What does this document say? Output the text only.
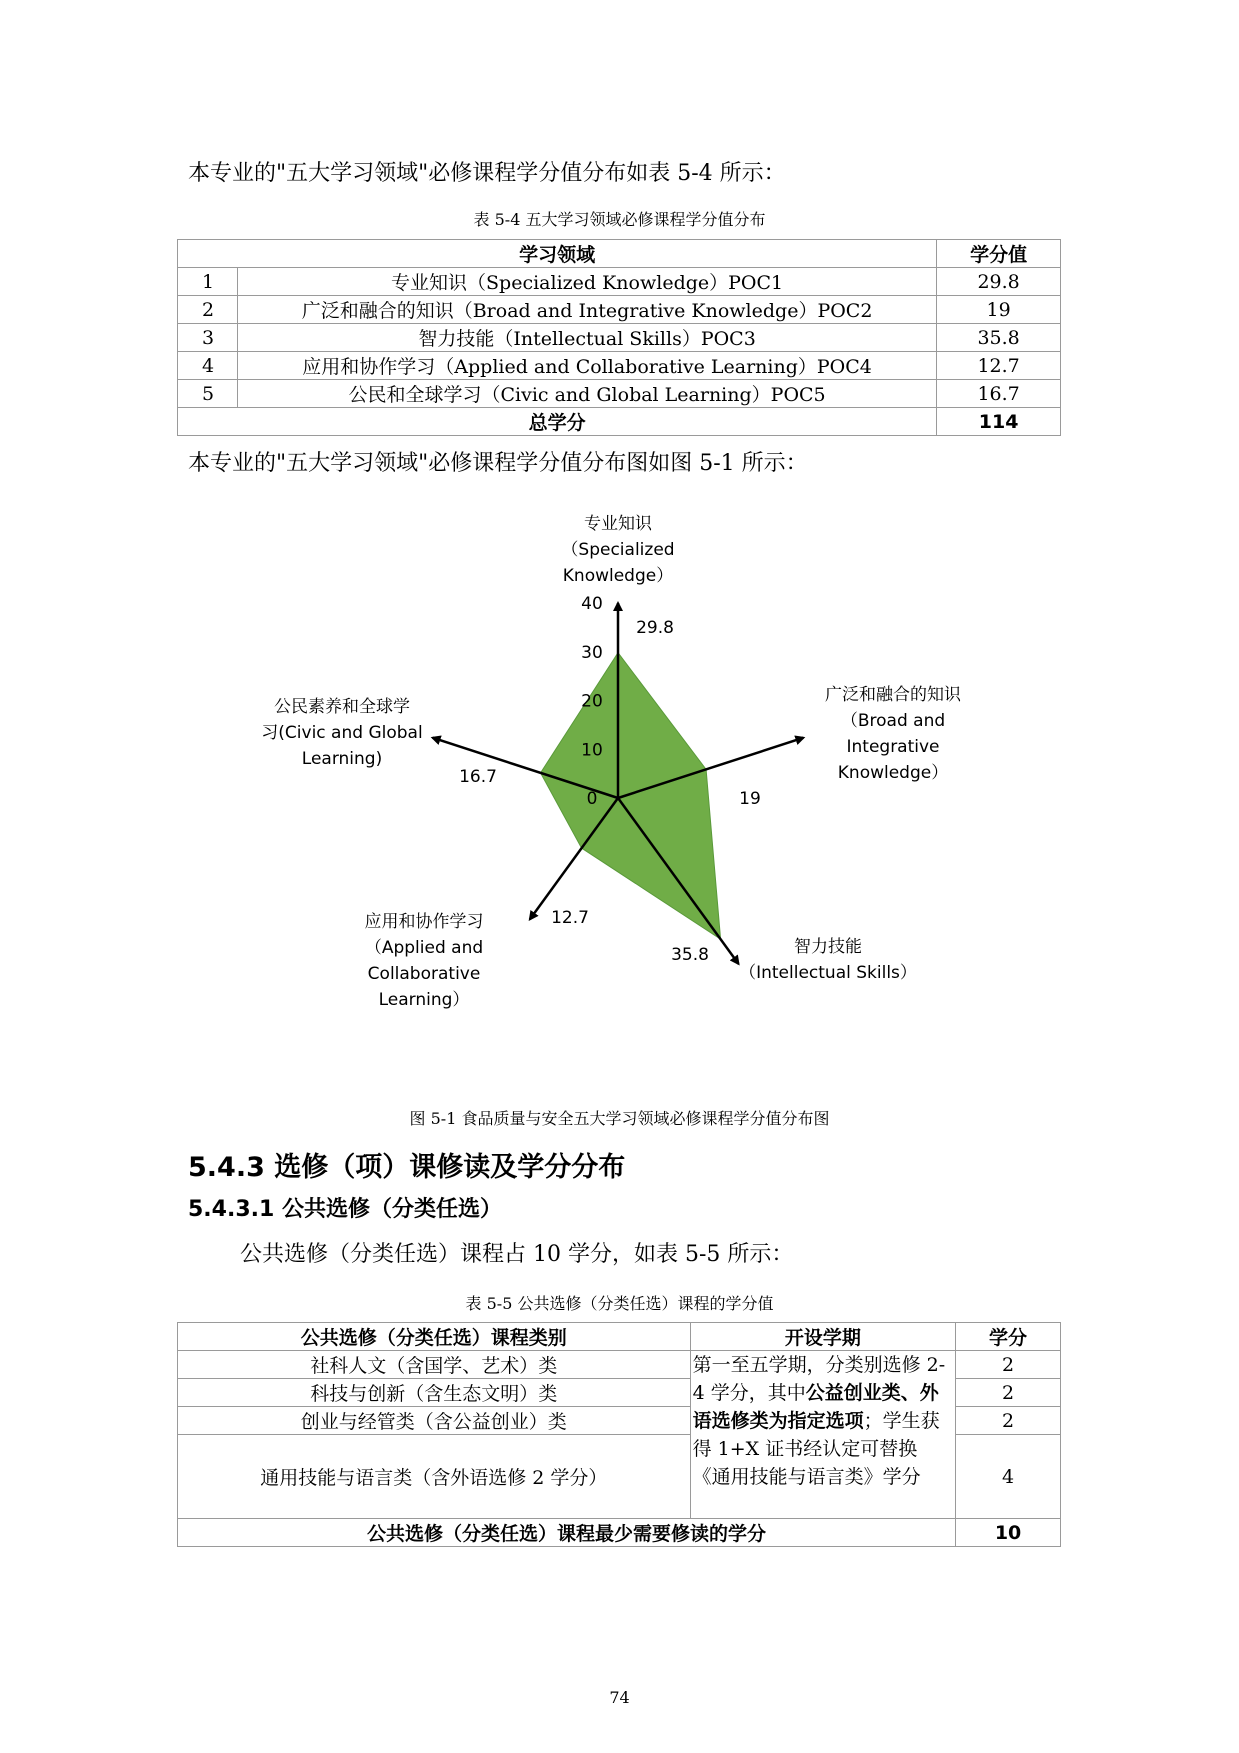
本专业的"五大学习领域"必修课程学分值分布如表 5-4 所示：
表 5-4 五大学习领域必修课程学分值分布
学习领域		学分值
1	专业知识（Specialized Knowledge）POC1	29.8
2	广泛和融合的知识（Broad and Integrative Knowledge）POC2	19
3	智力技能（Intellectual Skills）POC3	35.8
4	应用和协作学习（Applied and Collaborative Learning）POC4	12.7
5	公民和全球学习（Civic and Global Learning）POC5	16.7
总学分		114
本专业的"五大学习领域"必修课程学分值分布图如图 5-1 所示：
0
10
20
30
40
29.8
19
35.8
12.7
16.7
专业知识
（Specialized
Knowledge）
广泛和融合的知识
（Broad and
Integrative
Knowledge）
智力技能
（Intellectual Skills）
应用和协作学习
（Applied and
Collaborative
Learning）
公民素养和全球学
习(Civic and Global
Learning)
图 5-1 食品质量与安全五大学习领域必修课程学分值分布图
5.4.3 选修（项）课修读及学分分布
5.4.3.1 公共选修（分类任选）
公共选修（分类任选）课程占 10 学分，如表 5-5 所示：
表 5-5 公共选修（分类任选）课程的学分值
公共选修（分类任选）课程类别	开设学期	学分
社科人文（含国学、艺术）类	第一至五学期，分类别选修 2-4 学分，其中公益创业类、外语选修类为指定选项；学生获得 1+X 证书经认定可替换《通用技能与语言类》学分	2
科技与创新（含生态文明）类		2
创业与经管类（含公益创业）类		2
通用技能与语言类（含外语选修 2 学分）		4
公共选修（分类任选）课程最少需要修读的学分		10
74
